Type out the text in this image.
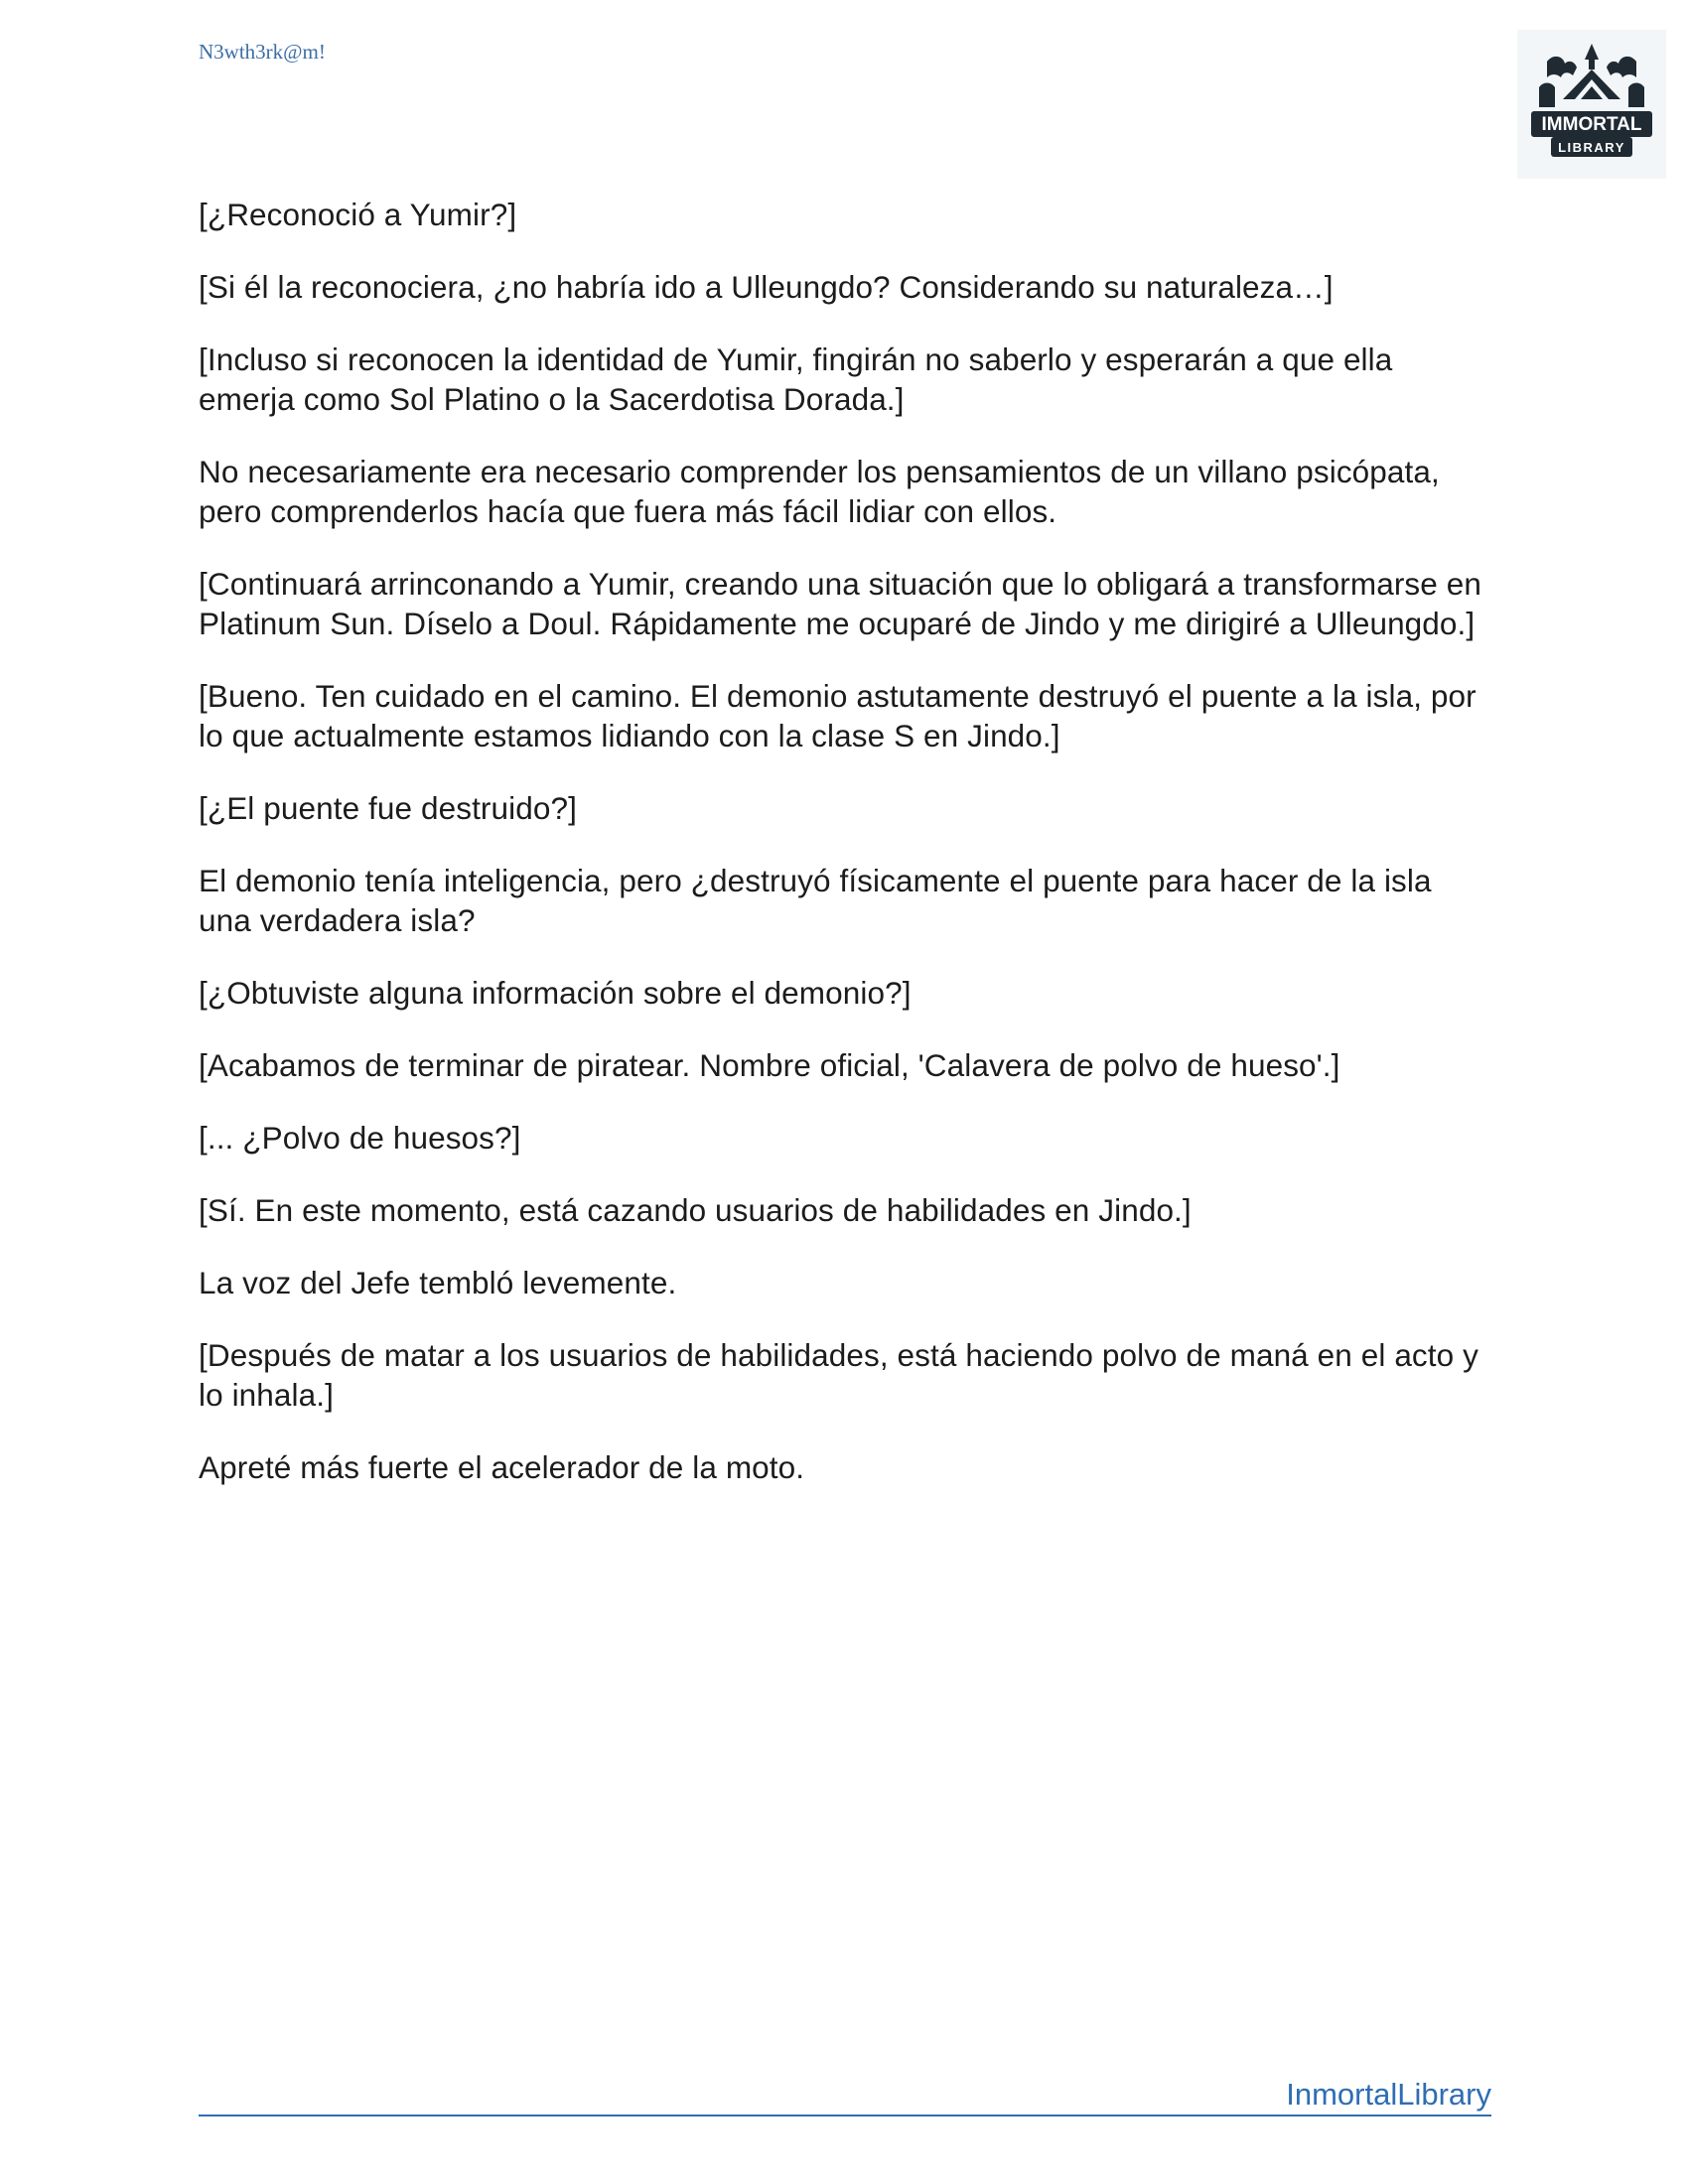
N3wth3rk@m!
IMMORTAL
LIBRARY

[¿Reconoció a Yumir?]

[Si él la reconociera, ¿no habría ido a Ulleungdo? Considerando su naturaleza…]

[Incluso si reconocen la identidad de Yumir, fingirán no saberlo y esperarán a que ella emerja como Sol Platino o la Sacerdotisa Dorada.]

No necesariamente era necesario comprender los pensamientos de un villano psicópata, pero comprenderlos hacía que fuera más fácil lidiar con ellos.

[Continuará arrinconando a Yumir, creando una situación que lo obligará a transformarse en Platinum Sun. Díselo a Doul. Rápidamente me ocuparé de Jindo y me dirigiré a Ulleungdo.]

[Bueno. Ten cuidado en el camino. El demonio astutamente destruyó el puente a la isla, por lo que actualmente estamos lidiando con la clase S en Jindo.]

[¿El puente fue destruido?]

El demonio tenía inteligencia, pero ¿destruyó físicamente el puente para hacer de la isla una verdadera isla?

[¿Obtuviste alguna información sobre el demonio?]

[Acabamos de terminar de piratear. Nombre oficial, 'Calavera de polvo de hueso'.]

[... ¿Polvo de huesos?]

[Sí. En este momento, está cazando usuarios de habilidades en Jindo.]

La voz del Jefe tembló levemente.

[Después de matar a los usuarios de habilidades, está haciendo polvo de maná en el acto y lo inhala.]

Apreté más fuerte el acelerador de la moto.

InmortalLibrary
